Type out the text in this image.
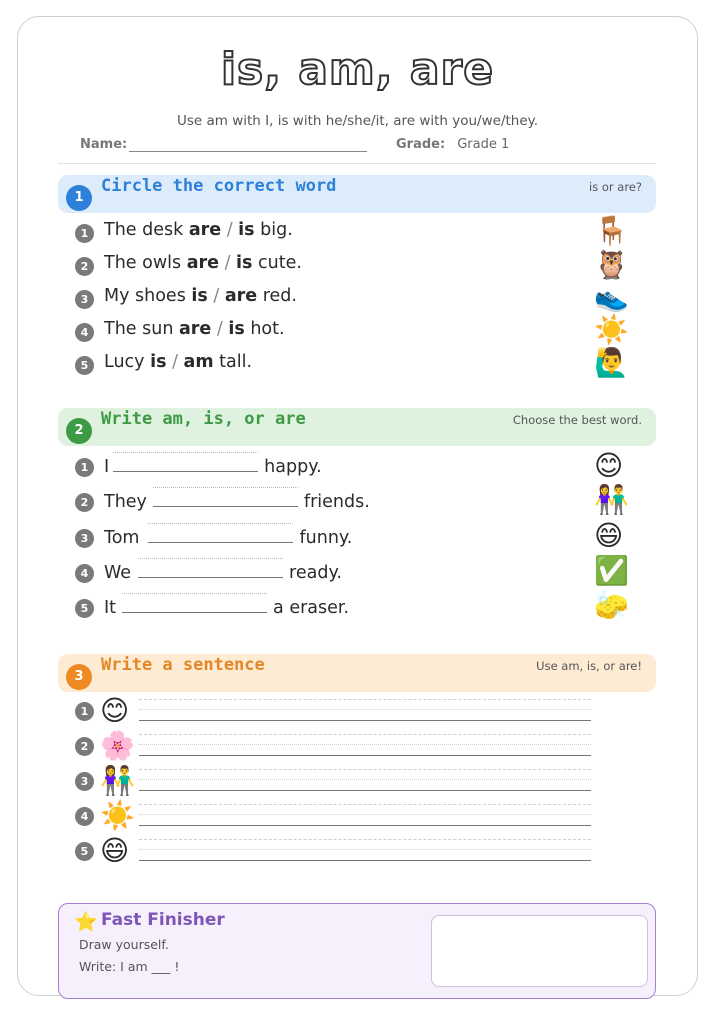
is, am, are
Use am with I, is with he/she/it, are with you/we/they.
Name:	Grade: Grade 1
1
Circle the correct word	is or are?
1 The desk are / is big.	🪑
2 The owls are / is cute.	🦉
3 My shoes is / are red.	👟
4 The sun are / is hot.	☀️
5 Lucy is / am tall.	🙋‍♂️
2
Write am, is, or are	Choose the best word.
1 I	happy.	😊
2 They	friends.	👫
3 Tom	funny.	😄
4 We	ready.	✅
5 It	a eraser.	🧽
3
Write a sentence	Use am, is, or are!
1 😊
2 🌸
3 👫
4 ☀️
5 😄
⭐ Fast Finisher
Draw yourself.
Write: I am ___ !
